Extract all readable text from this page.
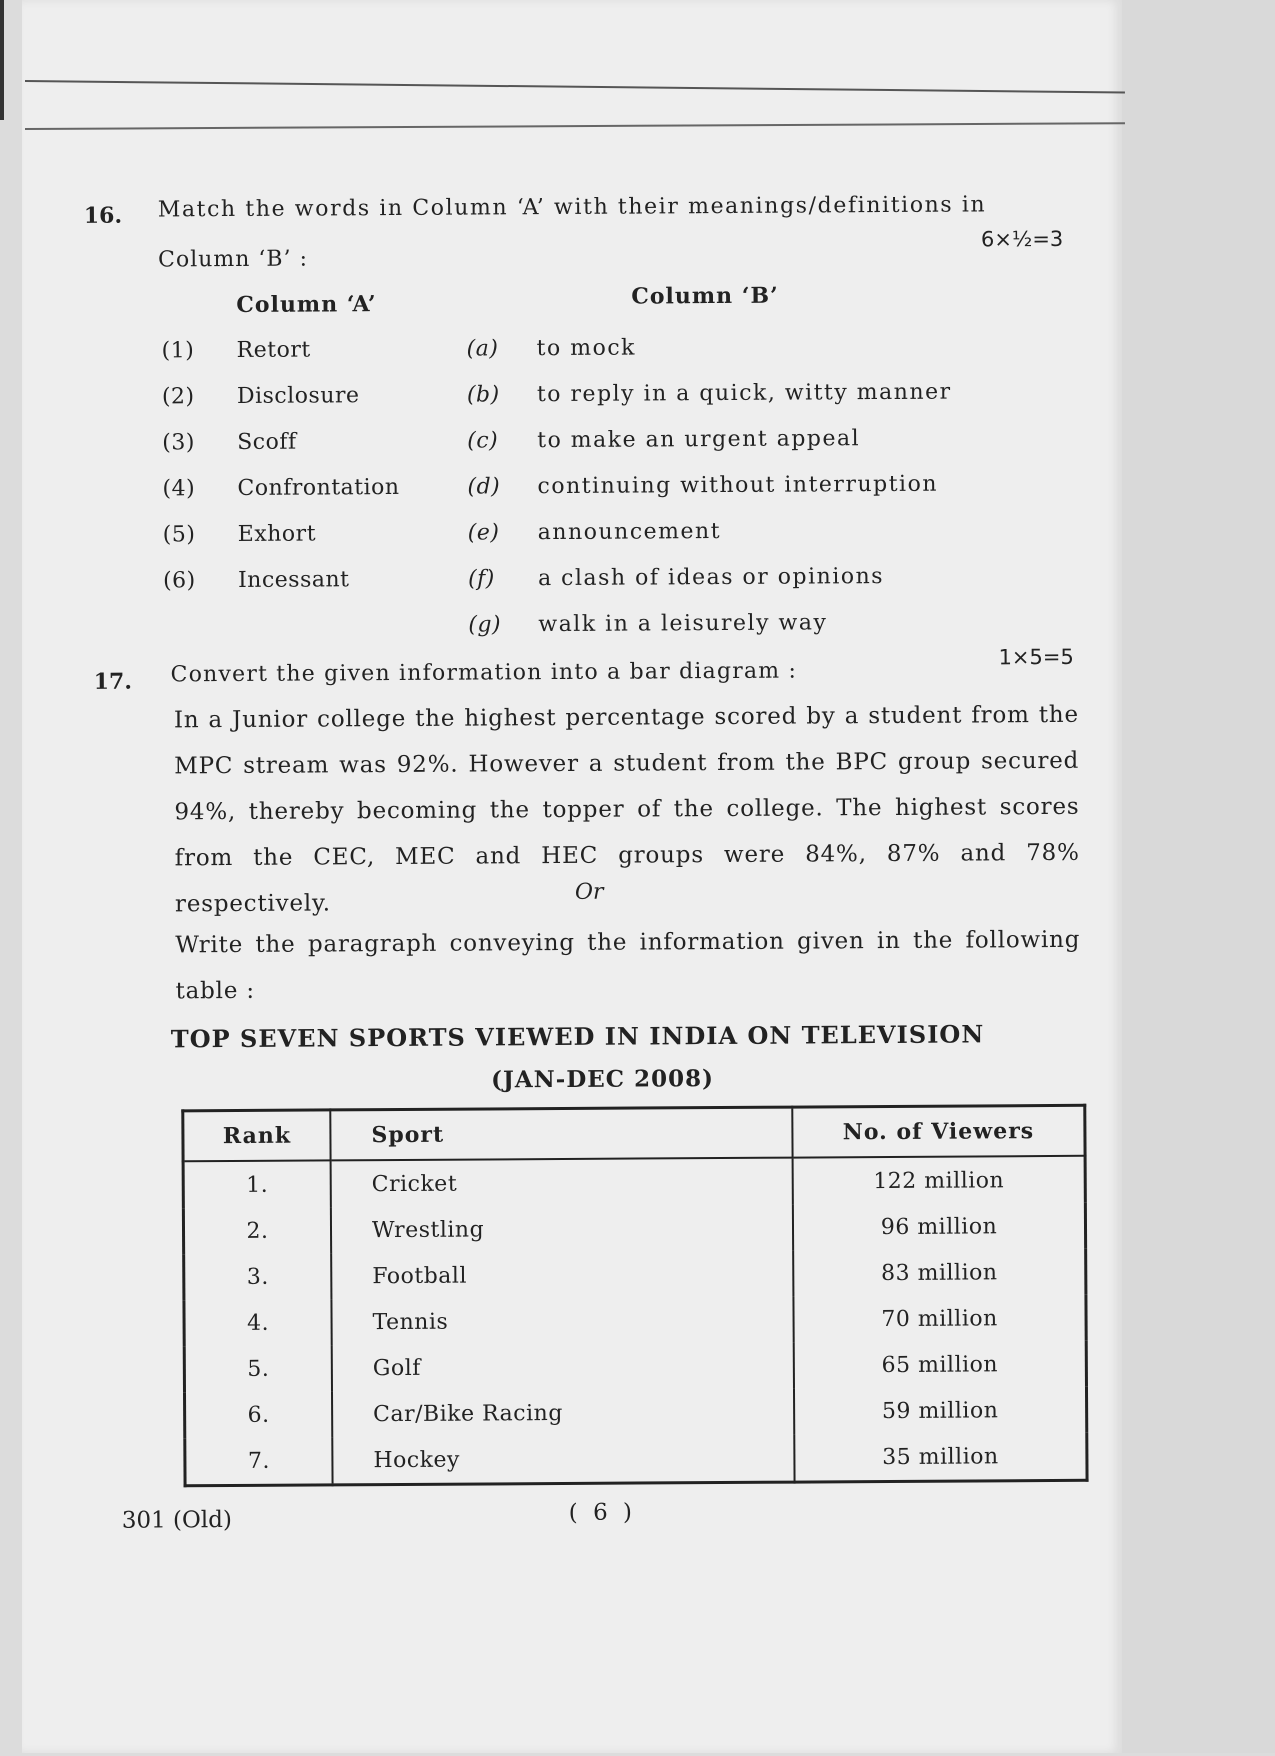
16. Match the words in Column ‘A’ with their meanings/definitions in
Column ‘B’ :
6×½=3
Column ‘A’	Column ‘B’
(1) Retort	(a) to mock
(2) Disclosure	(b) to reply in a quick, witty manner
(3) Scoff	(c) to make an urgent appeal
(4) Confrontation	(d) continuing without interruption
(5) Exhort	(e) announcement
(6) Incessant	(f) a clash of ideas or opinions
(g) walk in a leisurely way
17. Convert the given information into a bar diagram :
1×5=5
In a Junior college the highest percentage scored by a student from the MPC stream was 92%. However a student from the BPC group secured 94%, thereby becoming the topper of the college. The highest scores from the CEC, MEC and HEC groups were 84%, 87% and 78% respectively.	Or
Write the paragraph conveying the information given in the following table :
TOP SEVEN SPORTS VIEWED IN INDIA ON TELEVISION
(JAN-DEC 2008)
Rank	Sport	No. of Viewers
1.	Cricket	122 million
2.	Wrestling	96 million
3.	Football	83 million
4.	Tennis	70 million
5.	Golf	65 million
6.	Car/Bike Racing	59 million
7.	Hockey	35 million
301 (Old)	( 6 )
